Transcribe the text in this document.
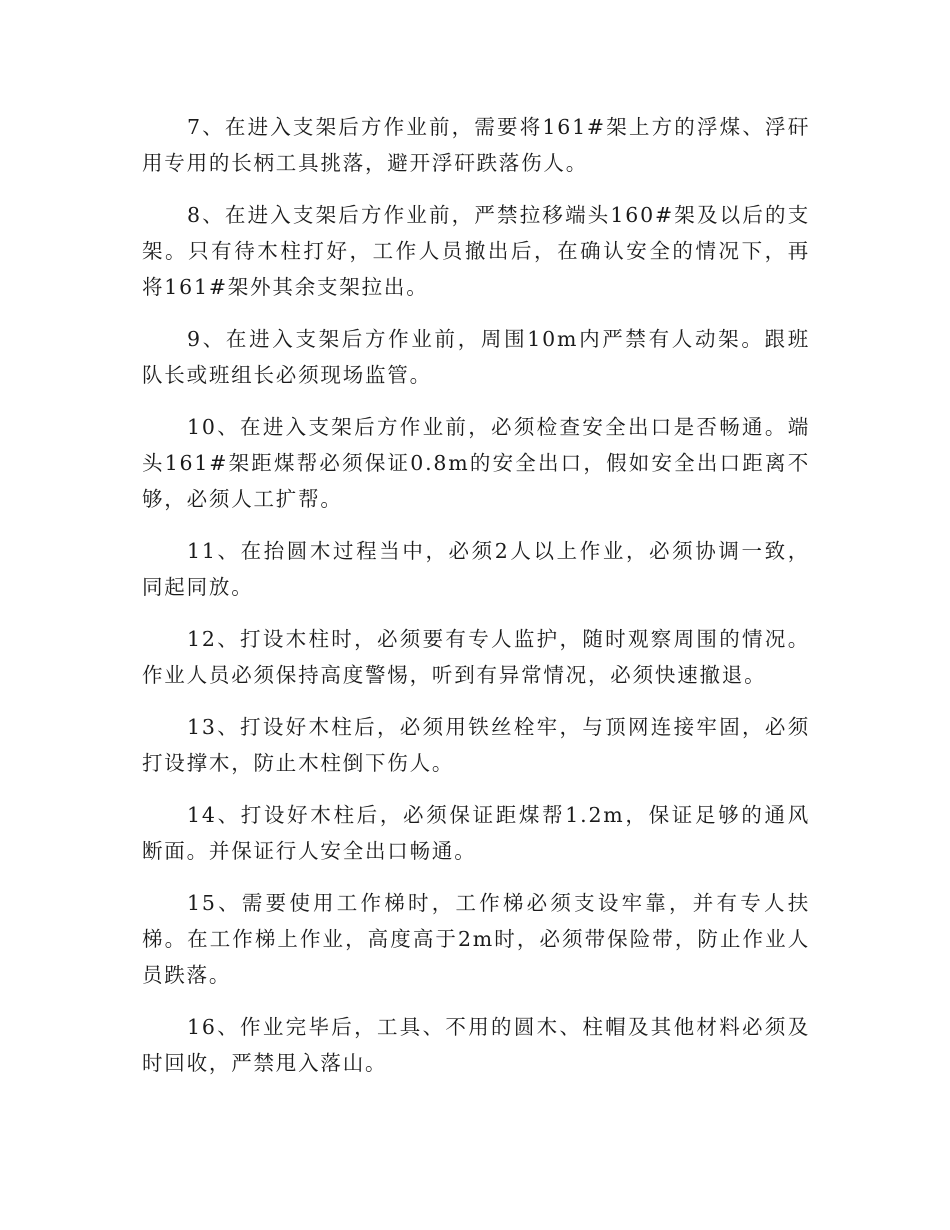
7、在进入支架后方作业前，需要将161#架上方的浮煤、浮矸用专用的长柄工具挑落，避开浮矸跌落伤人。

8、在进入支架后方作业前，严禁拉移端头160#架及以后的支架。只有待木柱打好，工作人员撤出后，在确认安全的情况下，再将161#架外其余支架拉出。

9、在进入支架后方作业前，周围10m内严禁有人动架。跟班队长或班组长必须现场监管。

10、在进入支架后方作业前，必须检查安全出口是否畅通。端头161#架距煤帮必须保证0.8m的安全出口，假如安全出口距离不够，必须人工扩帮。

11、在抬圆木过程当中，必须2人以上作业，必须协调一致，同起同放。

12、打设木柱时，必须要有专人监护，随时观察周围的情况。作业人员必须保持高度警惕，听到有异常情况，必须快速撤退。

13、打设好木柱后，必须用铁丝栓牢，与顶网连接牢固，必须打设撑木，防止木柱倒下伤人。

14、打设好木柱后，必须保证距煤帮1.2m，保证足够的通风断面。并保证行人安全出口畅通。

15、需要使用工作梯时，工作梯必须支设牢靠，并有专人扶梯。在工作梯上作业，高度高于2m时，必须带保险带，防止作业人员跌落。

16、作业完毕后，工具、不用的圆木、柱帽及其他材料必须及时回收，严禁甩入落山。
